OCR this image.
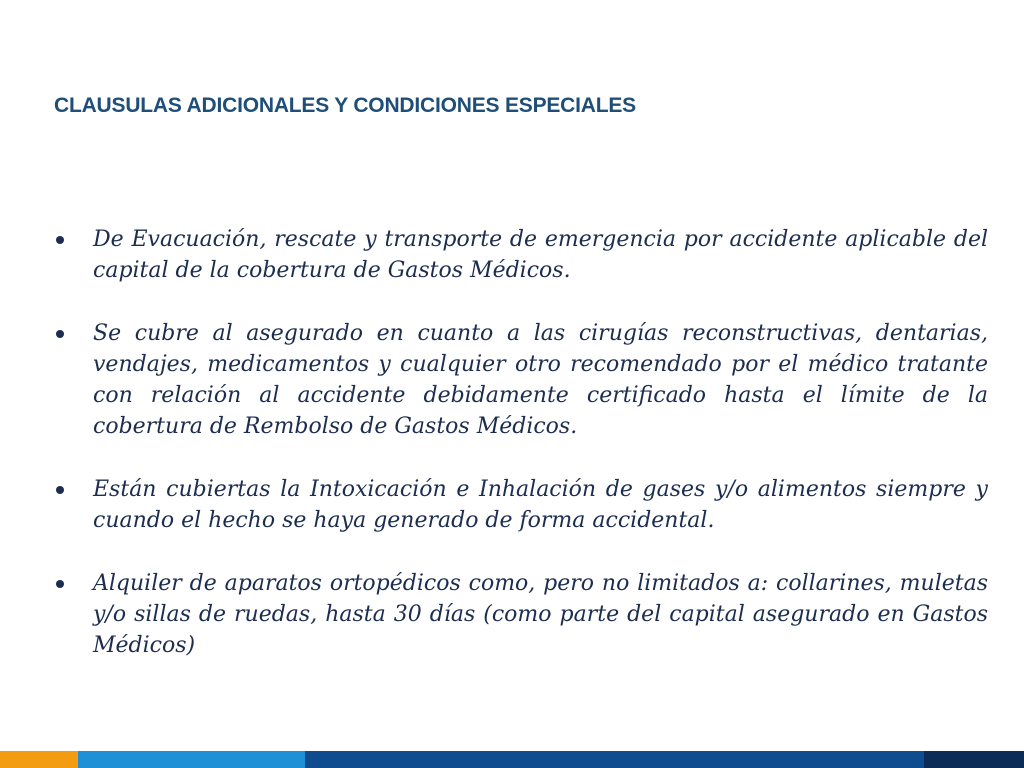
CLAUSULAS ADICIONALES Y CONDICIONES ESPECIALES
De Evacuación, rescate y transporte de emergencia por accidente aplicable del capital de la cobertura de Gastos Médicos.
Se cubre al asegurado en cuanto a las cirugías reconstructivas, dentarias, vendajes, medicamentos y cualquier otro recomendado por el médico tratante con relación al accidente debidamente certificado hasta el límite de la cobertura de Rembolso de Gastos Médicos.
Están cubiertas la Intoxicación e Inhalación de gases y/o alimentos siempre y cuando el hecho se haya generado de forma accidental.
Alquiler de aparatos ortopédicos como, pero no limitados a: collarines, muletas y/o sillas de ruedas, hasta 30 días (como parte del capital asegurado en Gastos Médicos)
